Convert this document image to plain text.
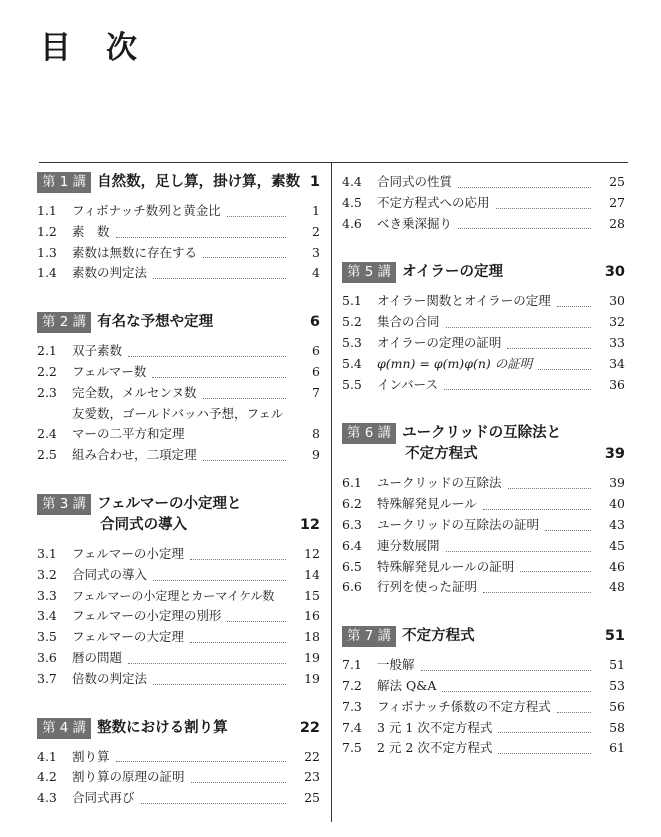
目　次
第 1 講 自然数，足し算，掛け算，素数 1
1.1	フィボナッチ数列と黄金比	1
1.2	素　数	2
1.3	素数は無数に存在する	3
1.4	素数の判定法	4
第 2 講 有名な予想や定理	6
2.1	双子素数	6
2.2	フェルマー数	6
2.3	完全数，メルセンヌ数	7
2.4
友愛数，ゴールドバッハ予想，フェルマーの二平方和定理	8
2.5	組み合わせ，二項定理	9
第 3 講 フェルマーの小定理と
合同式の導入	12
3.1	フェルマーの小定理	12
3.2	合同式の導入	14
3.3	フェルマーの小定理とカーマイケル数	15
3.4	フェルマーの小定理の別形	16
3.5	フェルマーの大定理	18
3.6	暦の問題	19
3.7	倍数の判定法	19
第 4 講 整数における割り算	22
4.1	割り算	22
4.2	割り算の原理の証明	23
4.3	合同式再び	25
4.4	合同式の性質	25
4.5	不定方程式への応用	27
4.6	べき乗深掘り	28
第 5 講 オイラーの定理	30
5.1	オイラー関数とオイラーの定理	30
5.2	集合の合同	32
5.3	オイラーの定理の証明	33
5.4	φ(mn) = φ(m)φ(n) の証明	34
5.5	インバース	36
第 6 講 ユークリッドの互除法と
不定方程式	39
6.1	ユークリッドの互除法	39
6.2	特殊解発見ルール	40
6.3	ユークリッドの互除法の証明	43
6.4	連分数展開	45
6.5	特殊解発見ルールの証明	46
6.6	行列を使った証明	48
第 7 講 不定方程式	51
7.1	一般解	51
7.2	解法 Q&A	53
7.3	フィボナッチ係数の不定方程式	56
7.4	3 元 1 次不定方程式	58
7.5	2 元 2 次不定方程式	61
